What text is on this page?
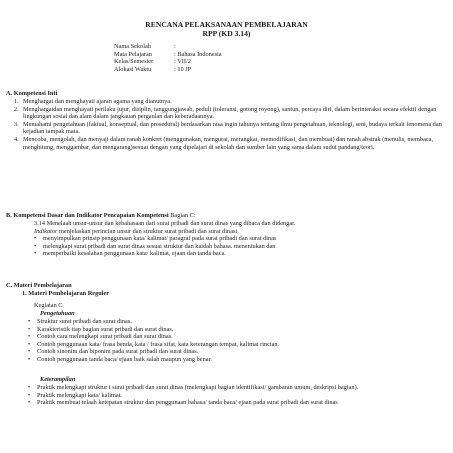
RENCANA PELAKSANAAN PEMBELAJARAN
RPP (KD 3.14)
Nama Sekolah	:
Mata Pelajaran	: Bahasa Indonesia
Kelas/Semester	: VII/2
Alokasi Waktu	: 10 JP
A. Kompetensi Inti
1. Menghargai dan menghayati ajaran agama yang dianutnya.
2. Menghargaidan menghayati perilaku jujur, disiplin, tanggungjawab, peduli (toleransi, gotong royong), santun, percaya diri, dalam berinteraksi secara efektif dengan lingkungan sosial dan alam dalam jangkauan pergaulan dan keberadaannya.
3. Memahami pengetahuan (faktual, konseptual, dan prosedural) berdasarkan rasa ingin tahunya tentang ilmu pengetahuan, teknologi, seni, budaya terkait fenomena dan kejadian tampak mata.
4. Mencoba, mengolah, dan menyaji dalam ranah konkret (menggunakan, mengurai, merangkai, memodifikasi, dan membuat) dan ranah abstrak (menulis, membaca, menghitung, menggambar, dan mengarang)sesuai dengan yang dipelajari di sekolah dan sumber lain yang sama dalam sudut pandang/teori.
B. Kompetensi Dasar dan Indikator Pencapaian Kompetensi Bagian C:
3.14 Menelaah unsur-unsur dan kebahasaan dari surat pribadi dan surat dinas yang dibaca dan didengar.
Indikator menjelaskan perincian unsur dan struktur surat pribadi dan surat dinasi.
•	menyimpulkan prinsip penggunaan kata/ kalimat/ paragraf pada surat pribadi dan surat dinas
•	melengkapi surat pribadi dan surat dinas sesuai struktur dan kaidah bahasa. menentukan dan
•	memperbaiki kesalahan penggunaan kata/ kalimat, ejaan dan tanda baca.
C. Materi Pembelajaran
1. Materi Pembelajaran Reguler
Kegiatan C
Pengetahuan
•	Struktur surat pribadi dan surat dinas.
•	Karakteristik tiap bagian surat pribadi dan surat dinas.
•	Contoh cara melengkapi surat pribadi dan surat dinas.
•	Contoh penggunaan kata/ frasa benda, kata / frasa sifat, kata keterangan tempat, kalimat rincian.
•	Contoh sinonim dan biponim pada surat pribadi dan surat dinas.
•	Contoh penggunaan tanda baca/ ejaan baik salah maupun yang benar.
Keterampilan
•	Praktik melengkapi struktur i surat pribadi dan surat dinas (melengkapi bagian identifikasi/ gambaran umum, deskripsi bagian).
•	Praktik melengkapi kata/ kalimat.
•	Praktik membuat telaah ketepatan struktur dan penggunaan bahasa/ tanda baca/ ejaan pada surat pribadi dan surat dinas
